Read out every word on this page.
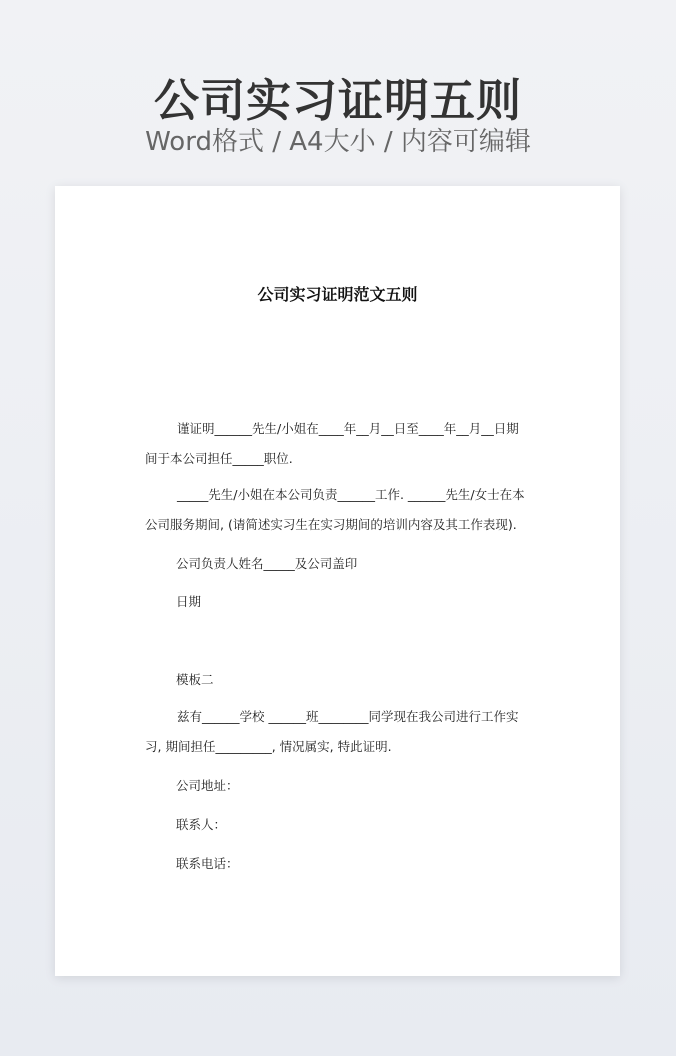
公司实习证明五则
Word格式 / A4大小 / 内容可编辑
公司实习证明范文五则

谨证明______先生/小姐在____年__月__日至____年__月__日期间于本公司担任_____职位.

_____先生/小姐在本公司负责______工作. ______先生/女士在本公司服务期间, (请简述实习生在实习期间的培训内容及其工作表现).

公司负责人姓名_____及公司盖印

日期

模板二

兹有______学校 ______班________同学现在我公司进行工作实习, 期间担任_________, 情况属实, 特此证明.

公司地址：

联系人：

联系电话：
